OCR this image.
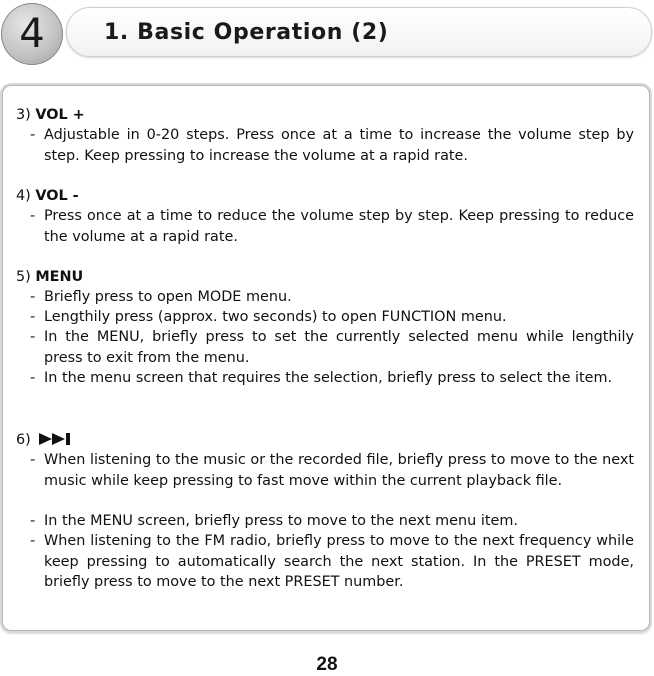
4	1. Basic Operation (2)
3) VOL +
- Adjustable in 0-20 steps. Press once at a time to increase the volume step by step. Keep pressing to increase the volume at a rapid rate.
4) VOL -
- Press once at a time to reduce the volume step by step. Keep pressing to reduce the volume at a rapid rate.
5) MENU
- Briefly press to open MODE menu.
- Lengthily press (approx. two seconds) to open FUNCTION menu.
- In the MENU, briefly press to set the currently selected menu while lengthily press to exit from the menu.
- In the menu screen that requires the selection, briefly press to select the item.
6)
- When listening to the music or the recorded file, briefly press to move to the next music while keep pressing to fast move within the current playback file.
- In the MENU screen, briefly press to move to the next menu item.
- When listening to the FM radio, briefly press to move to the next frequency while keep pressing to automatically search the next station. In the PRESET mode, briefly press to move to the next PRESET number.
28
